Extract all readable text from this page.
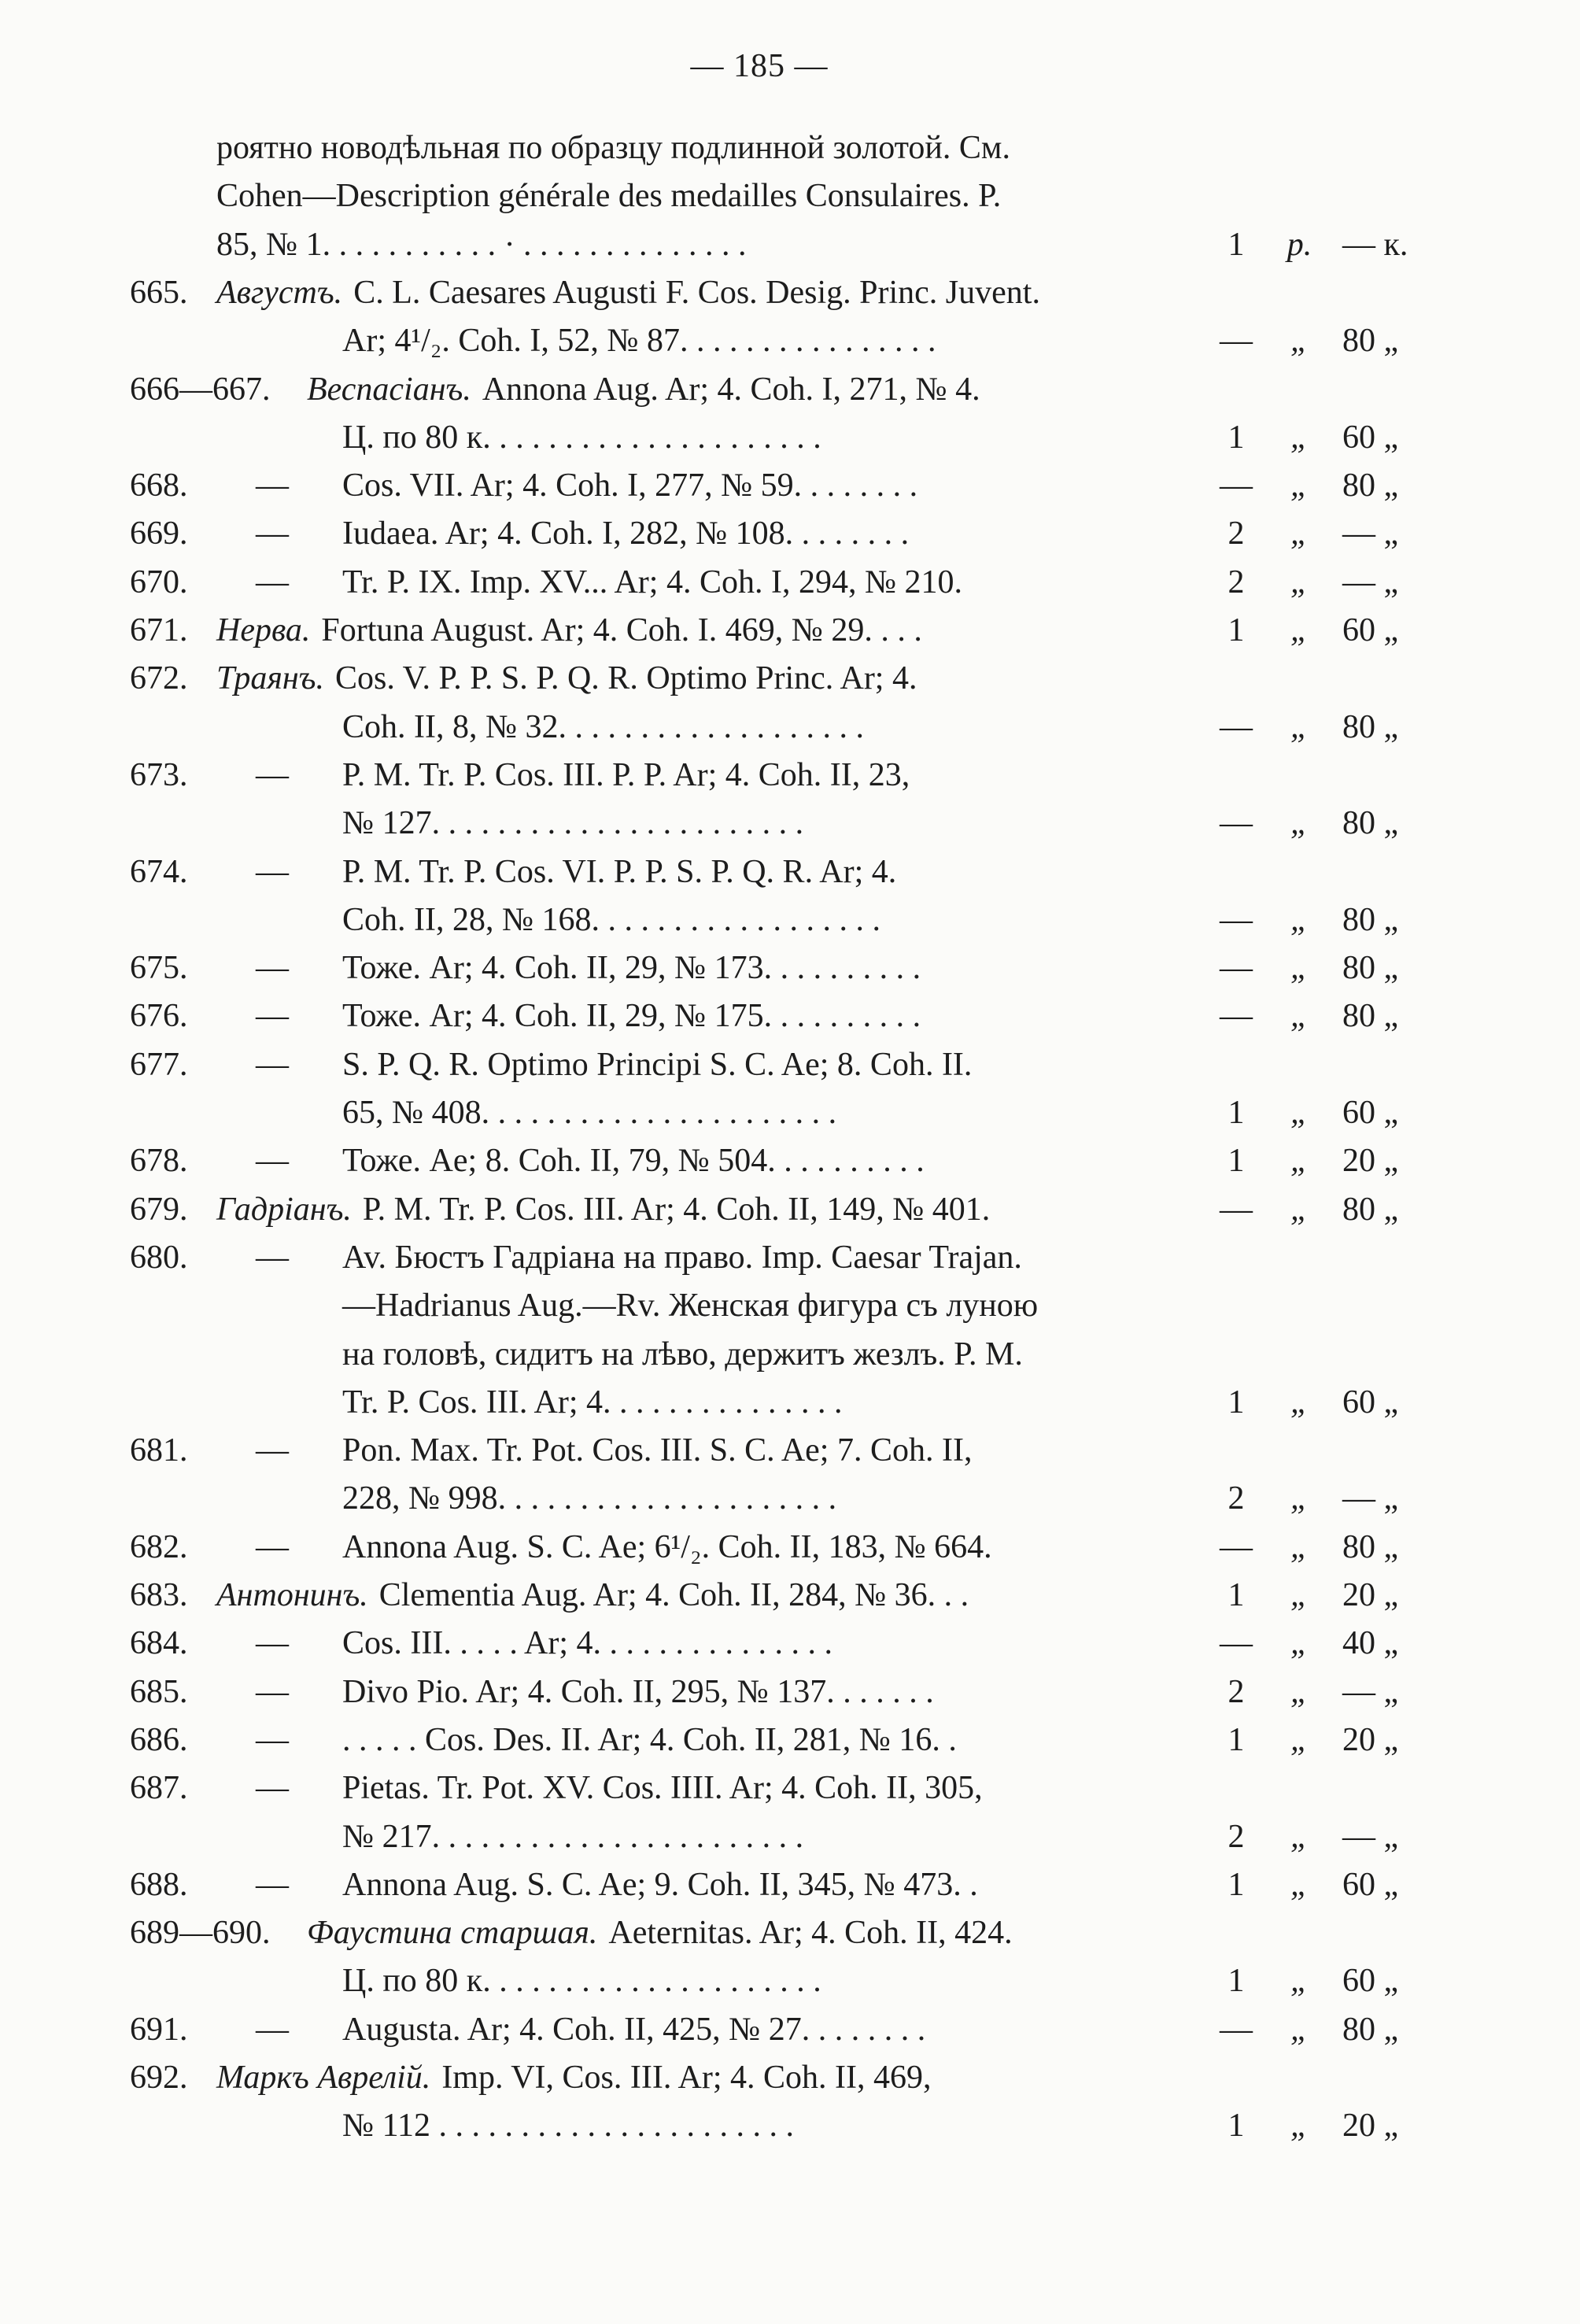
— 185 —
роятно новодѣльная по образцу подлинной золотой. См.
Cohen—Description générale des medailles Consulaires. P.
85, № 1. . . . . . . . . . . · . . . . . . . . . . . . . .	1	р. — к.
665. Августъ. C. L. Caesares Augusti F. Cos. Desig. Princ. Juvent.
Ar; 4¹/₂. Coh. I, 52, № 87. . . . . . . . . . . . . . . .	— „ 80 „
666—667. Веспасіанъ. Annona Aug. Ar; 4. Coh. I, 271, № 4.
Ц. по 80 к. . . . . . . . . . . . . . . . . . . . .	1	„ 60 „
668. — Cos. VII. Ar; 4. Coh. I, 277, № 59. . . . . . . .	— „ 80 „
669. — Iudaea. Ar; 4. Coh. I, 282, № 108. . . . . . . .	2	„ — „
670. — Tr. P. IX. Imp. XV... Ar; 4. Coh. I, 294, № 210.	2	„ — „
671. Нерва. Fortuna August. Ar; 4. Coh. I. 469, № 29. . . .	1	„ 60 „
672. Траянъ. Cos. V. P. P. S. P. Q. R. Optimo Princ. Ar; 4.
Coh. II, 8, № 32. . . . . . . . . . . . . . . . . . .	— „ 80 „
673. — P. M. Tr. P. Cos. III. P. P. Ar; 4. Coh. II, 23,
№ 127. . . . . . . . . . . . . . . . . . . . . . .	— „ 80 „
674. — P. M. Tr. P. Cos. VI. P. P. S. P. Q. R. Ar; 4.
Coh. II, 28, № 168. . . . . . . . . . . . . . . . . .	— „ 80 „
675. — Тоже. Ar; 4. Coh. II, 29, № 173. . . . . . . . . .	— „ 80 „
676. — Тоже. Ar; 4. Coh. II, 29, № 175. . . . . . . . . .	— „ 80 „
677. — S. P. Q. R. Optimo Principi S. C. Ae; 8. Coh. II.
65, № 408. . . . . . . . . . . . . . . . . . . . . .	1	„ 60 „
678. — Тоже. Ae; 8. Coh. II, 79, № 504. . . . . . . . . .	1	„ 20 „
679. Гадріанъ. P. M. Tr. P. Cos. III. Ar; 4. Coh. II, 149, № 401.	— „ 80 „
680. — Av. Бюстъ Гадріана на право. Imp. Caesar Trajan.
—Hadrianus Aug.—Rv. Женская фигура съ луною
на головѣ, сидитъ на лѣво, держитъ жезлъ. P. M.
Tr. P. Cos. III. Ar; 4. . . . . . . . . . . . . . .	1	„ 60 „
681. — Pon. Max. Tr. Pot. Cos. III. S. C. Ae; 7. Coh. II,
228, № 998. . . . . . . . . . . . . . . . . . . . .	2	„ — „
682. — Annona Aug. S. C. Ae; 6¹/₂. Coh. II, 183, № 664.	— „ 80 „
683. Антонинъ. Clementia Aug. Ar; 4. Coh. II, 284, № 36. . .	1	„ 20 „
684. — Cos. III. . . . . Ar; 4. . . . . . . . . . . . . . .	— „ 40 „
685. — Divo Pio. Ar; 4. Coh. II, 295, № 137. . . . . . .	2	„ — „
686. — . . . . . Cos. Des. II. Ar; 4. Coh. II, 281, № 16. .	1	„ 20 „
687. — Pietas. Tr. Pot. XV. Cos. IIII. Ar; 4. Coh. II, 305,
№ 217. . . . . . . . . . . . . . . . . . . . . . .	2	„ — „
688. — Annona Aug. S. C. Ae; 9. Coh. II, 345, № 473. .	1	„ 60 „
689—690. Фаустина старшая. Aeternitas. Ar; 4. Coh. II, 424.
Ц. по 80 к. . . . . . . . . . . . . . . . . . . . .	1	„ 60 „
691. — Augusta. Ar; 4. Coh. II, 425, № 27. . . . . . . .	— „ 80 „
692. Маркъ Аврелій. Imp. VI, Cos. III. Ar; 4. Coh. II, 469,
№ 112 . . . . . . . . . . . . . . . . . . . . . .	1	„ 20 „
